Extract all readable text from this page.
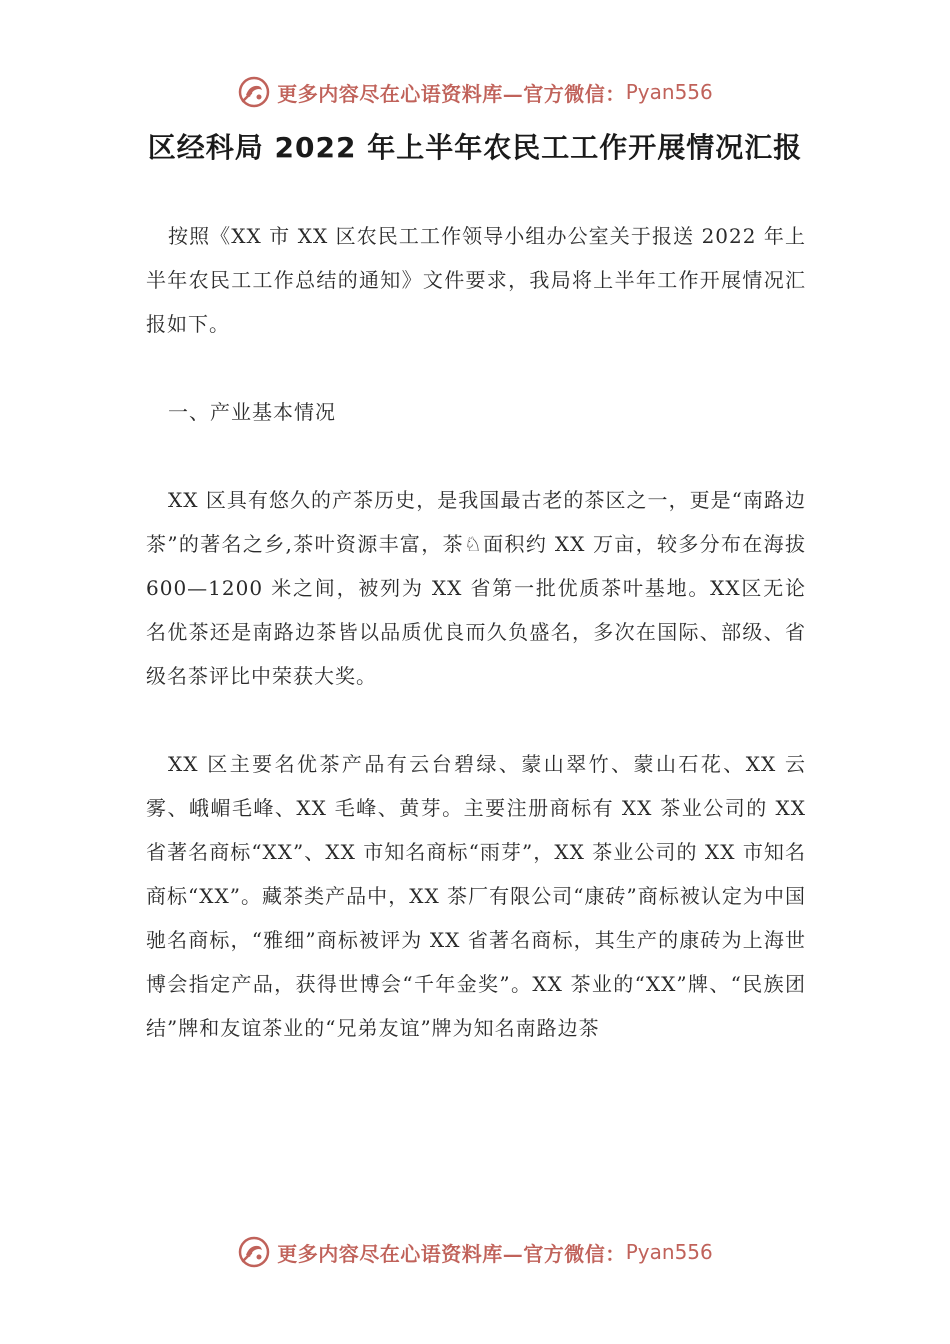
更多内容尽在心语资料库—官方微信： Pyan556
区经科局 2022 年上半年农民工工作开展情况汇报

按照《XX 市 XX 区农民工工作领导小组办公室关于报送 2022 年上半年农民工工作总结的通知》文件要求，我局将上半年工作开展情况汇报如下。

一、产业基本情况

XX 区具有悠久的产茶历史，是我国最古老的茶区之一，更是“南路边茶”的著名之乡,茶叶资源丰富，茶♘面积约 XX 万亩，较多分布在海拔 600—1200 米之间，被列为 XX 省第一批优质茶叶基地。XX区无论名优茶还是南路边茶皆以品质优良而久负盛名，多次在国际、部级、省级名茶评比中荣获大奖。

XX 区主要名优茶产品有云台碧绿、蒙山翠竹、蒙山石花、XX 云雾、峨嵋毛峰、XX 毛峰、黄芽。主要注册商标有 XX 茶业公司的 XX 省著名商标“XX”、XX 市知名商标“雨芽”，XX 茶业公司的 XX 市知名商标“XX”。藏茶类产品中，XX 茶厂有限公司“康砖”商标被认定为中国驰名商标，“雅细”商标被评为 XX 省著名商标，其生产的康砖为上海世博会指定产品，获得世博会“千年金奖”。XX 茶业的“XX”牌、“民族团结”牌和友谊茶业的“兄弟友谊”牌为知名南路边茶

更多内容尽在心语资料库—官方微信： Pyan556
